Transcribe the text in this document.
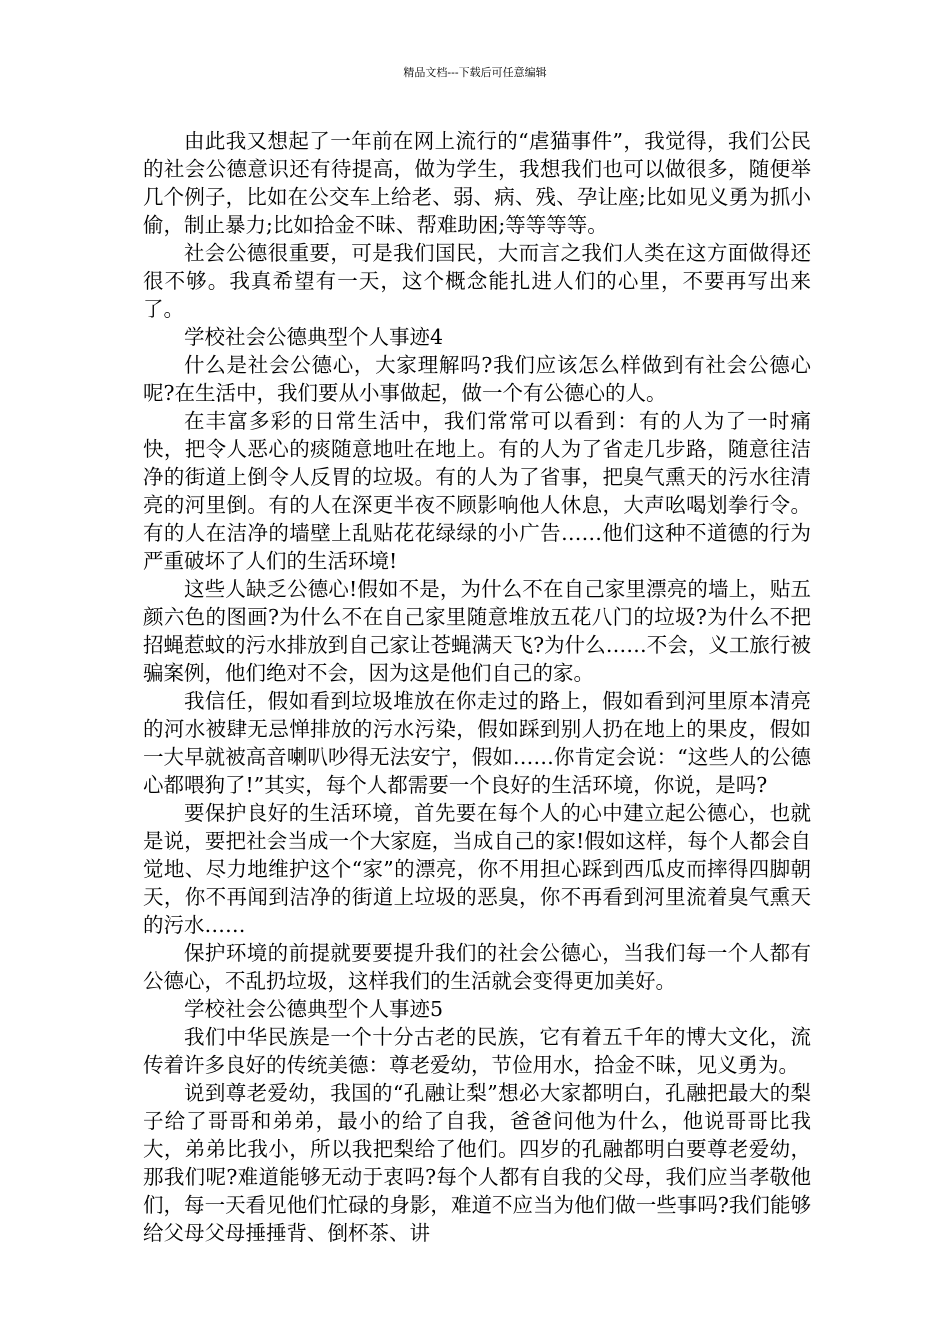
精品文档---下载后可任意编辑

由此我又想起了一年前在网上流行的“虐猫事件”，我觉得，我们公民的社会公德意识还有待提高，做为学生，我想我们也可以做很多，随便举几个例子，比如在公交车上给老、弱、病、残、孕让座;比如见义勇为抓小偷，制止暴力;比如拾金不昧、帮难助困;等等等等。

社会公德很重要，可是我们国民，大而言之我们人类在这方面做得还很不够。我真希望有一天，这个概念能扎进人们的心里，不要再写出来了。

学校社会公德典型个人事迹4

什么是社会公德心，大家理解吗?我们应该怎么样做到有社会公德心呢?在生活中，我们要从小事做起，做一个有公德心的人。

在丰富多彩的日常生活中，我们常常可以看到：有的人为了一时痛快，把令人恶心的痰随意地吐在地上。有的人为了省走几步路，随意往洁净的街道上倒令人反胃的垃圾。有的人为了省事，把臭气熏天的污水往清亮的河里倒。有的人在深更半夜不顾影响他人休息，大声吆喝划拳行令。有的人在洁净的墙壁上乱贴花花绿绿的小广告……他们这种不道德的行为严重破坏了人们的生活环境!

这些人缺乏公德心!假如不是，为什么不在自己家里漂亮的墙上，贴五颜六色的图画?为什么不在自己家里随意堆放五花八门的垃圾?为什么不把招蝇惹蚊的污水排放到自己家让苍蝇满天飞?为什么……不会，义工旅行被骗案例，他们绝对不会，因为这是他们自己的家。

我信任，假如看到垃圾堆放在你走过的路上，假如看到河里原本清亮的河水被肆无忌惮排放的污水污染，假如踩到别人扔在地上的果皮，假如一大早就被高音喇叭吵得无法安宁，假如……你肯定会说：“这些人的公德心都喂狗了!”其实，每个人都需要一个良好的生活环境，你说，是吗?

要保护良好的生活环境，首先要在每个人的心中建立起公德心，也就是说，要把社会当成一个大家庭，当成自己的家!假如这样，每个人都会自觉地、尽力地维护这个“家”的漂亮，你不用担心踩到西瓜皮而摔得四脚朝天，你不再闻到洁净的街道上垃圾的恶臭，你不再看到河里流着臭气熏天的污水……

保护环境的前提就要要提升我们的社会公德心，当我们每一个人都有公德心，不乱扔垃圾，这样我们的生活就会变得更加美好。

学校社会公德典型个人事迹5

我们中华民族是一个十分古老的民族，它有着五千年的博大文化，流传着许多良好的传统美德：尊老爱幼，节俭用水，拾金不昧，见义勇为。

说到尊老爱幼，我国的“孔融让梨”想必大家都明白，孔融把最大的梨子给了哥哥和弟弟，最小的给了自我，爸爸问他为什么，他说哥哥比我大，弟弟比我小，所以我把梨给了他们。四岁的孔融都明白要尊老爱幼，那我们呢?难道能够无动于衷吗?每个人都有自我的父母，我们应当孝敬他们，每一天看见他们忙碌的身影，难道不应当为他们做一些事吗?我们能够给父母父母捶捶背、倒杯茶、讲
